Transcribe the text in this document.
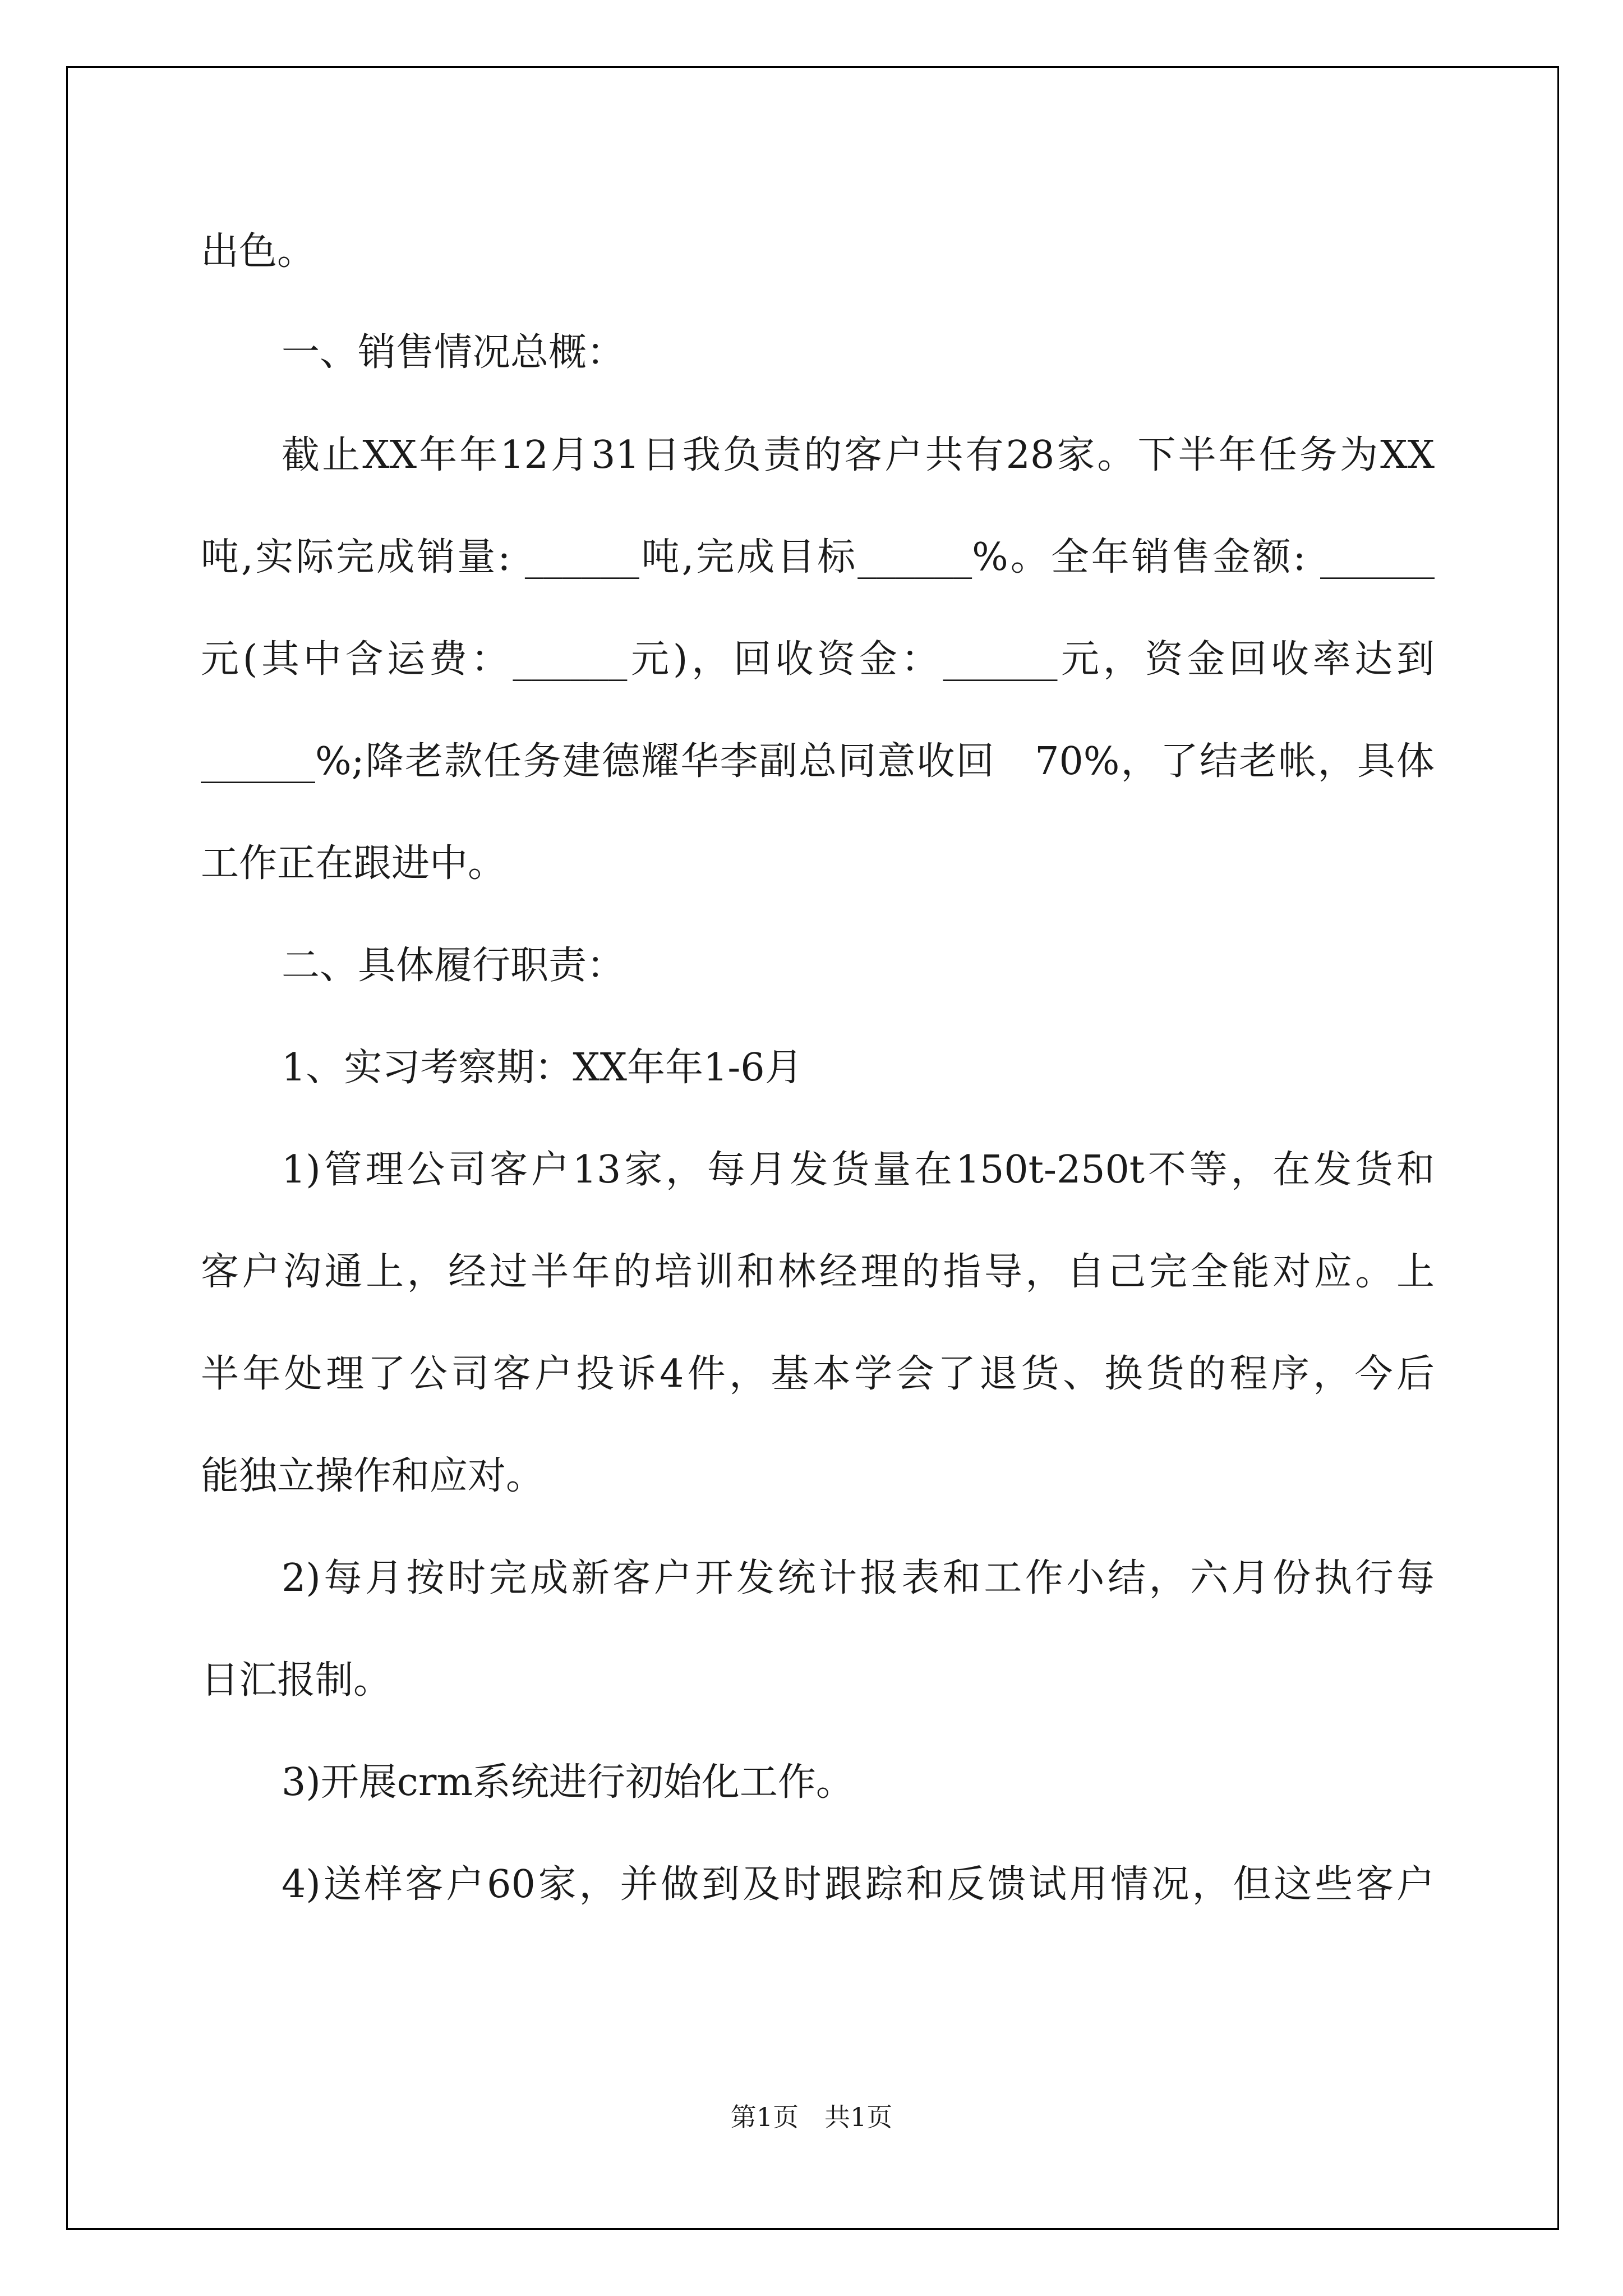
出色。
一、销售情况总概：
截止XX年年12月31日我负责的客户共有28家。下半年任务为XX
吨,实际完成销量: ______吨,完成目标______%。全年销售金额: ______
元(其中含运费：______元)，回收资金：______元，资金回收率达到
______%;降老款任务建德耀华李副总同意收回　70%，了结老帐，具体
工作正在跟进中。
二、具体履行职责：
1、实习考察期：XX年年1-6月
1)管理公司客户13家，每月发货量在150t-250t不等，在发货和
客户沟通上，经过半年的培训和林经理的指导，自己完全能对应。上
半年处理了公司客户投诉4件，基本学会了退货、换货的程序，今后
能独立操作和应对。
2)每月按时完成新客户开发统计报表和工作小结，六月份执行每
日汇报制。
3)开展crm系统进行初始化工作。
4)送样客户60家，并做到及时跟踪和反馈试用情况，但这些客户
第1页　共1页
